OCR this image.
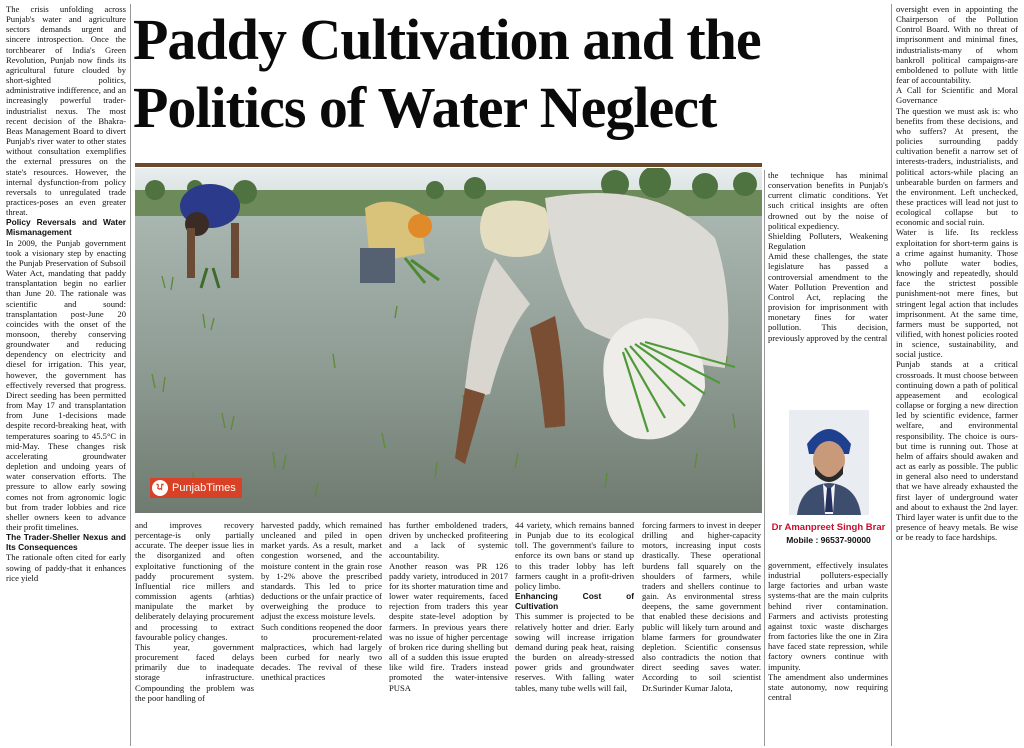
Paddy Cultivation and the
Politics of Water Neglect
ਪ PunjabTimes
Dr Amanpreet Singh Brar
Mobile : 96537-90000

The crisis unfolding across Punjab's water and agriculture sectors demands urgent and sincere introspection. Once the torchbearer of India's Green Revolution, Punjab now finds its agricultural future clouded by short-sighted politics, administrative indifference, and an increasingly powerful trader-industrialist nexus. The most recent decision of the Bhakra-Beas Management Board to divert Punjab's river water to other states without consultation exemplifies the external pressures on the state's resources. However, the internal dysfunction-from policy reversals to unregulated trade practices-poses an even greater threat.

Policy Reversals and Water Mismanagement

In 2009, the Punjab government took a visionary step by enacting the Punjab Preservation of Subsoil Water Act, mandating that paddy transplantation begin no earlier than June 20. The rationale was scientific and sound: transplantation post-June 20 coincides with the onset of the monsoon, thereby conserving groundwater and reducing dependency on electricity and diesel for irrigation. This year, however, the government has effectively reversed that progress. Direct seeding has been permitted from May 17 and transplantation from June 1-decisions made despite record-breaking heat, with temperatures soaring to 45.5°C in mid-May. These changes risk accelerating groundwater depletion and undoing years of water conservation efforts. The pressure to allow early sowing comes not from agronomic logic but from trader lobbies and rice sheller owners keen to advance their profit timelines.

The Trader-Sheller Nexus and Its Consequences

The rationale often cited for early sowing of paddy-that it enhances rice yield

and improves recovery percentage-is only partially accurate. The deeper issue lies in the disorganized and often exploitative functioning of the paddy procurement system. Influential rice millers and commission agents (arhtias) manipulate the market by deliberately delaying procurement and processing to extract favourable policy changes.

This year, government procurement faced delays primarily due to inadequate storage infrastructure. Compounding the problem was the poor handling of

harvested paddy, which remained uncleaned and piled in open market yards. As a result, market congestion worsened, and the moisture content in the grain rose by 1-2% above the prescribed standards. This led to price deductions or the unfair practice of overweighing the produce to adjust the excess moisture levels.

Such conditions reopened the door to procurement-related malpractices, which had largely been curbed for nearly two decades. The revival of these unethical practices

has further emboldened traders, driven by unchecked profiteering and a lack of systemic accountability.

Another reason was PR 126 paddy variety, introduced in 2017 for its shorter maturation time and lower water requirements, faced rejection from traders this year despite state-level adoption by farmers. In previous years there was no issue of higher percentage of broken rice during shelling but all of a sudden this issue erupted like wild fire. Traders instead promoted the water-intensive PUSA

44 variety, which remains banned in Punjab due to its ecological toll. The government's failure to enforce its own bans or stand up to this trader lobby has left farmers caught in a profit-driven policy limbo.

Enhancing Cost of Cultivation

This summer is projected to be relatively hotter and drier. Early sowing will increase irrigation demand during peak heat, raising the burden on already-stressed power grids and groundwater reserves. With falling water tables, many tube wells will fail,

forcing farmers to invest in deeper drilling and higher-capacity motors, increasing input costs drastically. These operational burdens fall squarely on the shoulders of farmers, while traders and shellers continue to gain. As environmental stress deepens, the same government that enabled these decisions and public will likely turn around and blame farmers for groundwater depletion. Scientific consensus also contradicts the notion that direct seeding saves water. According to soil scientist Dr.Surinder Kumar Jalota,

the technique has minimal conservation benefits in Punjab's current climatic conditions. Yet such critical insights are often drowned out by the noise of political expediency.

Shielding Polluters, Weakening Regulation

Amid these challenges, the state legislature has passed a controversial amendment to the Water Pollution Prevention and Control Act, replacing the provision for imprisonment with monetary fines for water pollution. This decision, previously approved by the central

government, effectively insulates industrial polluters-especially large factories and urban waste systems-that are the main culprits behind river contamination. Farmers and activists protesting against toxic waste discharges from factories like the one in Zira have faced state repression, while factory owners continue with impunity.

The amendment also undermines state autonomy, now requiring central

oversight even in appointing the Chairperson of the Pollution Control Board. With no threat of imprisonment and minimal fines, industrialists-many of whom bankroll political campaigns-are emboldened to pollute with little fear of accountability.

A Call for Scientific and Moral Governance

The question we must ask is: who benefits from these decisions, and who suffers? At present, the policies surrounding paddy cultivation benefit a narrow set of interests-traders, industrialists, and political actors-while placing an unbearable burden on farmers and the environment. Left unchecked, these practices will lead not just to ecological collapse but to economic and social ruin.

Water is life. Its reckless exploitation for short-term gains is a crime against humanity. Those who pollute water bodies, knowingly and repeatedly, should face the strictest possible punishment-not mere fines, but stringent legal action that includes imprisonment. At the same time, farmers must be supported, not vilified, with honest policies rooted in science, sustainability, and social justice.

Punjab stands at a critical crossroads. It must choose between continuing down a path of political appeasement and ecological collapse or forging a new direction led by scientific evidence, farmer welfare, and environmental responsibility. The choice is ours-but time is running out. Those at helm of affairs should awaken and act as early as possible. The public in general also need to understand that we have already exhausted the first layer of underground water and about to exhaust the 2nd layer. Third layer water is unfit due to the presence of heavy metals. Be wise or be ready to face hardships.
